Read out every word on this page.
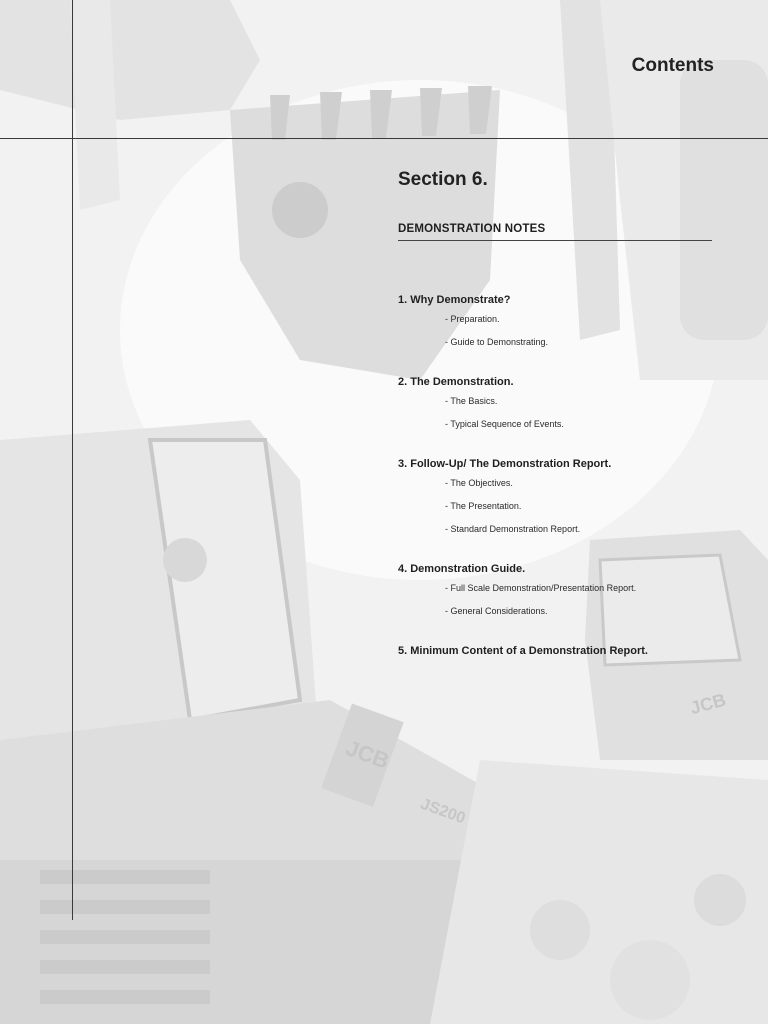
JCB
JS200
JCB
Contents
Section 6.
DEMONSTRATION NOTES
1. Why Demonstrate?
- Preparation.
- Guide to Demonstrating.
2. The Demonstration.
- The Basics.
- Typical Sequence of Events.
3. Follow-Up/ The Demonstration Report.
- The Objectives.
- The Presentation.
- Standard Demonstration Report.
4. Demonstration Guide.
- Full Scale Demonstration/Presentation Report.
- General Considerations.
5. Minimum Content of a Demonstration Report.
